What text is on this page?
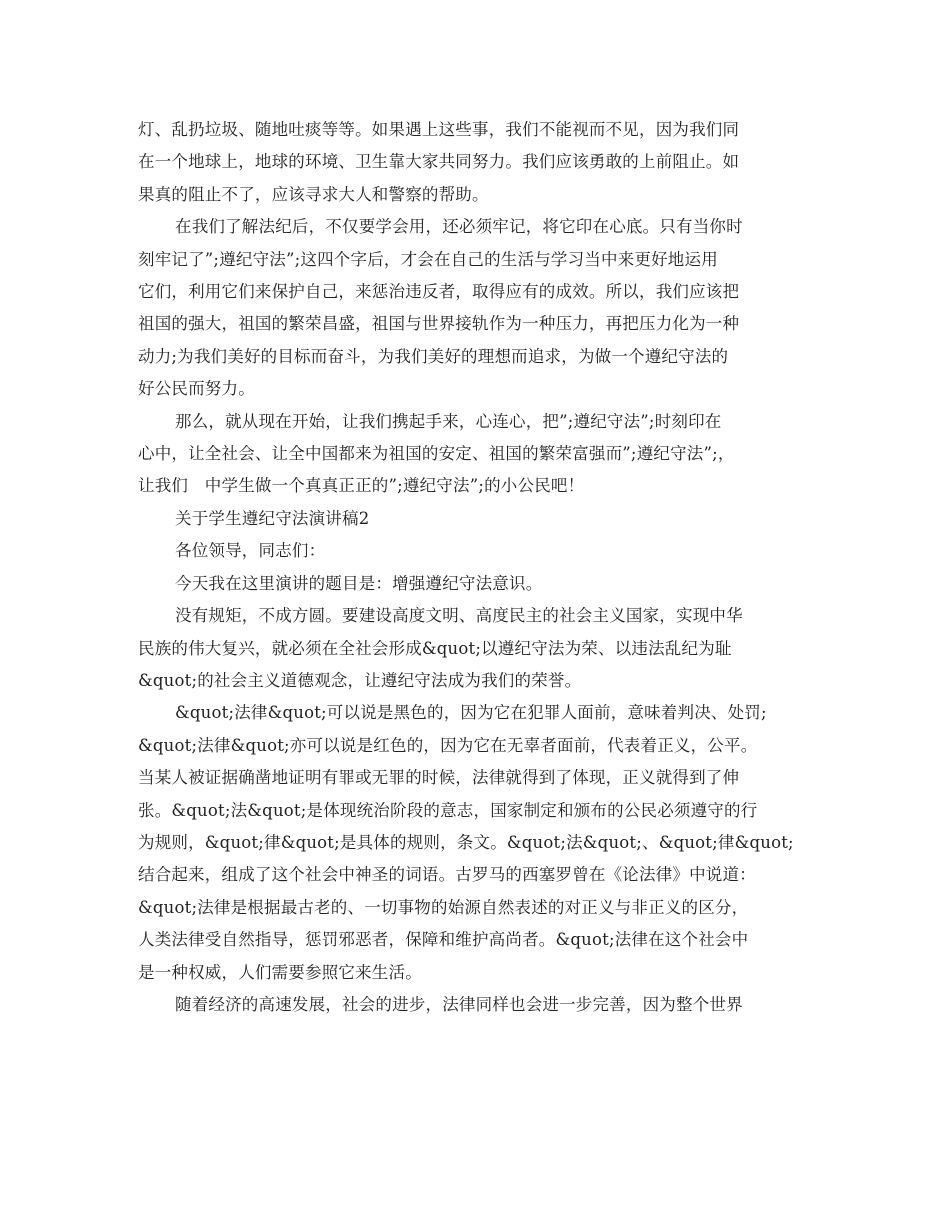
灯、乱扔垃圾、随地吐痰等等。如果遇上这些事，我们不能视而不见，因为我们同
在一个地球上，地球的环境、卫生靠大家共同努力。我们应该勇敢的上前阻止。如
果真的阻止不了，应该寻求大人和警察的帮助。
在我们了解法纪后，不仅要学会用，还必须牢记，将它印在心底。只有当你时
刻牢记了”;遵纪守法”;这四个字后，才会在自己的生活与学习当中来更好地运用
它们，利用它们来保护自己，来惩治违反者，取得应有的成效。所以，我们应该把
祖国的强大，祖国的繁荣昌盛，祖国与世界接轨作为一种压力，再把压力化为一种
动力;为我们美好的目标而奋斗，为我们美好的理想而追求，为做一个遵纪守法的
好公民而努力。
那么，就从现在开始，让我们携起手来，心连心，把”;遵纪守法”;时刻印在
心中，让全社会、让全中国都来为祖国的安定、祖国的繁荣富强而”;遵纪守法”;，
让我们　中学生做一个真真正正的”;遵纪守法”;的小公民吧！
关于学生遵纪守法演讲稿2
各位领导，同志们：
今天我在这里演讲的题目是：增强遵纪守法意识。
没有规矩，不成方圆。要建设高度文明、高度民主的社会主义国家，实现中华
民族的伟大复兴，就必须在全社会形成&quot;以遵纪守法为荣、以违法乱纪为耻
&quot;的社会主义道德观念，让遵纪守法成为我们的荣誉。
&quot;法律&quot;可以说是黑色的，因为它在犯罪人面前，意味着判决、处罚;
&quot;法律&quot;亦可以说是红色的，因为它在无辜者面前，代表着正义，公平。
当某人被证据确凿地证明有罪或无罪的时候，法律就得到了体现，正义就得到了伸
张。&quot;法&quot;是体现统治阶段的意志，国家制定和颁布的公民必须遵守的行
为规则，&quot;律&quot;是具体的规则，条文。&quot;法&quot;、&quot;律&quot;
结合起来，组成了这个社会中神圣的词语。古罗马的西塞罗曾在《论法律》中说道：
&quot;法律是根据最古老的、一切事物的始源自然表述的对正义与非正义的区分，
人类法律受自然指导，惩罚邪恶者，保障和维护高尚者。&quot;法律在这个社会中
是一种权威，人们需要参照它来生活。
随着经济的高速发展，社会的进步，法律同样也会进一步完善，因为整个世界
